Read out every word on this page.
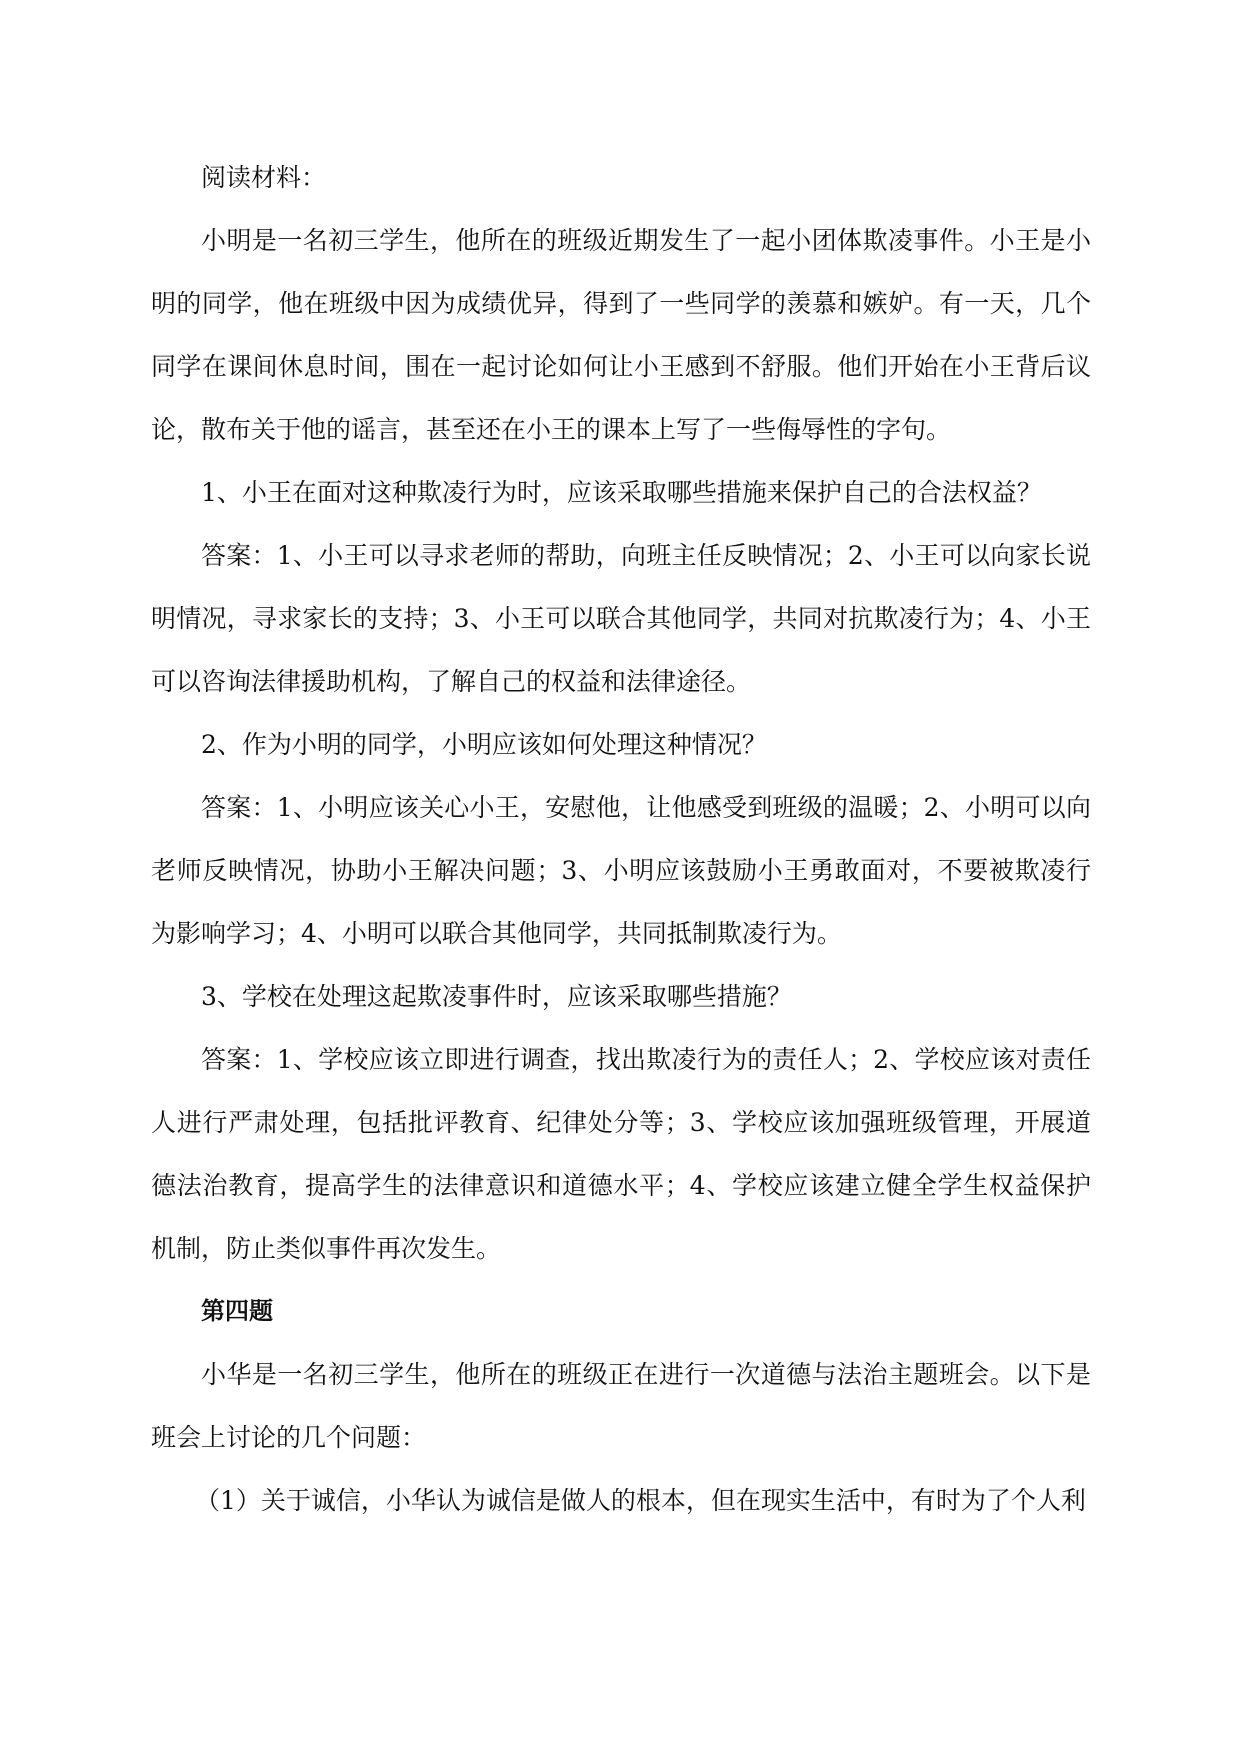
阅读材料：

小明是一名初三学生，他所在的班级近期发生了一起小团体欺凌事件。小王是小明的同学，他在班级中因为成绩优异，得到了一些同学的羡慕和嫉妒。有一天，几个同学在课间休息时间，围在一起讨论如何让小王感到不舒服。他们开始在小王背后议论，散布关于他的谣言，甚至还在小王的课本上写了一些侮辱性的字句。

1、小王在面对这种欺凌行为时，应该采取哪些措施来保护自己的合法权益？

答案：1、小王可以寻求老师的帮助，向班主任反映情况；2、小王可以向家长说明情况，寻求家长的支持；3、小王可以联合其他同学，共同对抗欺凌行为；4、小王可以咨询法律援助机构，了解自己的权益和法律途径。

2、作为小明的同学，小明应该如何处理这种情况？

答案：1、小明应该关心小王，安慰他，让他感受到班级的温暖；2、小明可以向老师反映情况，协助小王解决问题；3、小明应该鼓励小王勇敢面对，不要被欺凌行为影响学习；4、小明可以联合其他同学，共同抵制欺凌行为。

3、学校在处理这起欺凌事件时，应该采取哪些措施？

答案：1、学校应该立即进行调查，找出欺凌行为的责任人；2、学校应该对责任人进行严肃处理，包括批评教育、纪律处分等；3、学校应该加强班级管理，开展道德法治教育，提高学生的法律意识和道德水平；4、学校应该建立健全学生权益保护机制，防止类似事件再次发生。

第四题

小华是一名初三学生，他所在的班级正在进行一次道德与法治主题班会。以下是班会上讨论的几个问题：

（1）关于诚信，小华认为诚信是做人的根本，但在现实生活中，有时为了个人利
